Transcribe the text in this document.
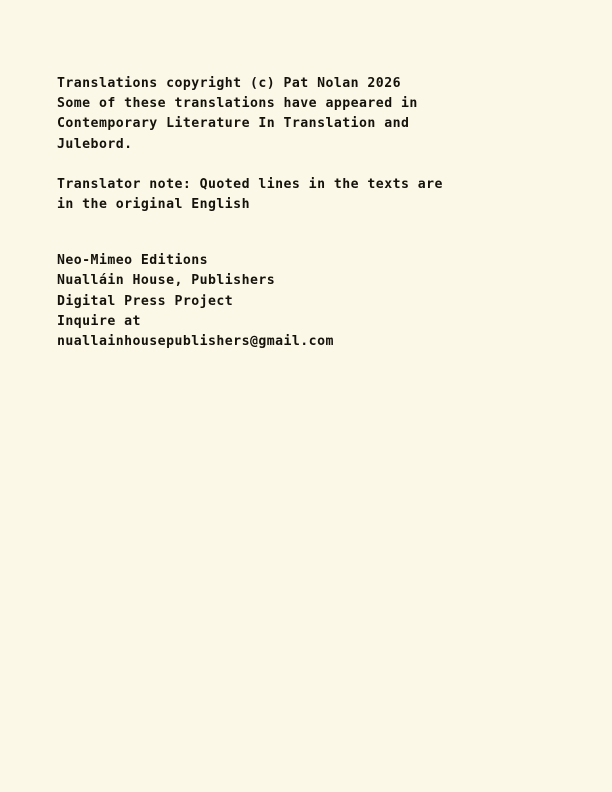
Translations copyright (c) Pat Nolan 2026
Some of these translations have appeared in
Contemporary Literature In Translation and
Julebord.
Translator note: Quoted lines in the texts are
in the original English
Neo-Mimeo Editions
Nualláin House, Publishers
Digital Press Project
Inquire at
nuallainhousepublishers@gmail.com
